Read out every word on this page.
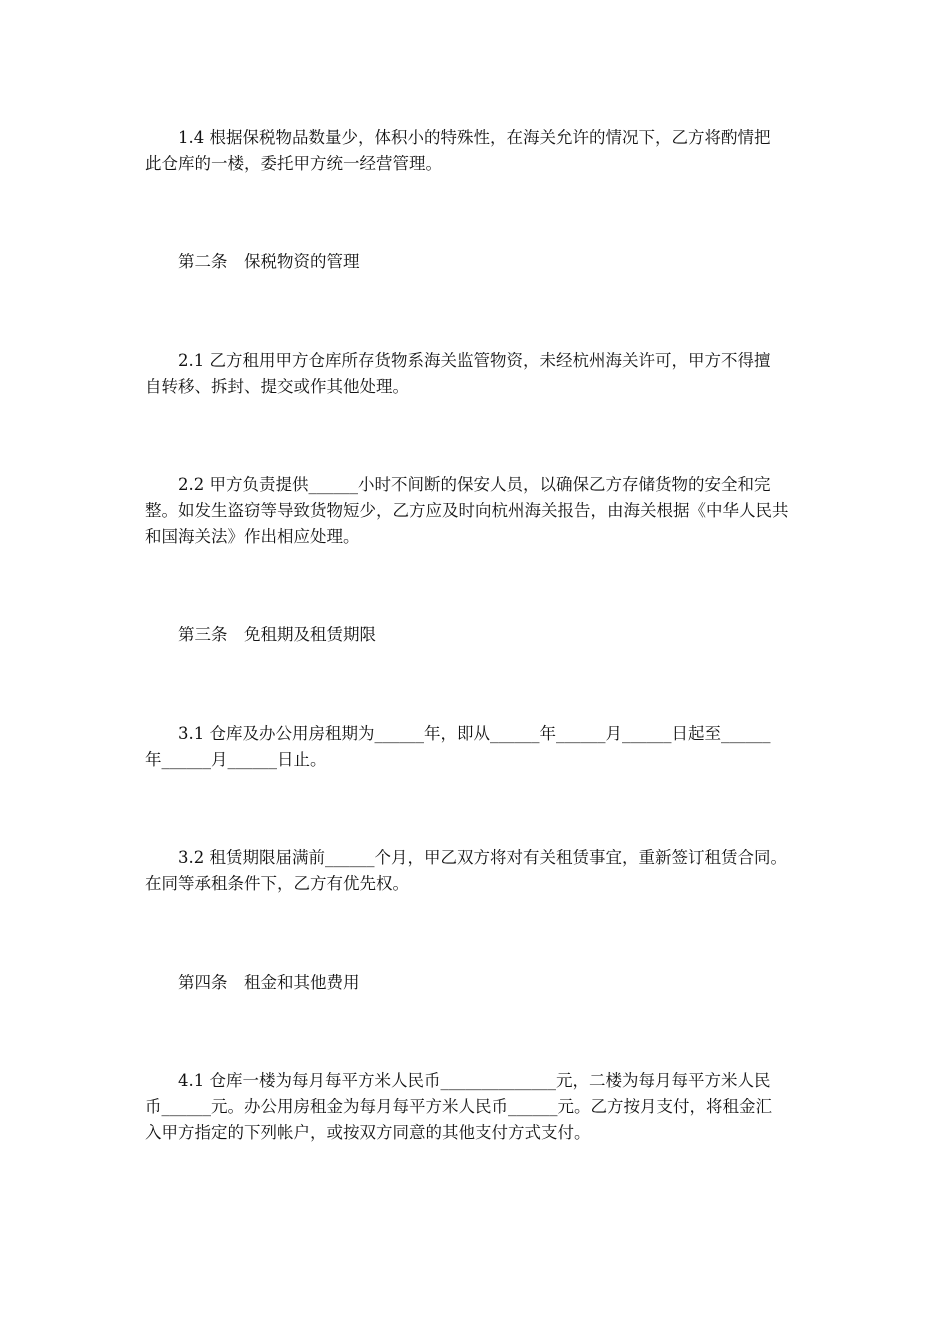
1.4 根据保税物品数量少，体积小的特殊性，在海关允许的情况下，乙方将酌情把
此仓库的一楼，委托甲方统一经营管理。
第二条　保税物资的管理
2.1 乙方租用甲方仓库所存货物系海关监管物资，未经杭州海关许可，甲方不得擅
自转移、拆封、提交或作其他处理。
2.2 甲方负责提供______小时不间断的保安人员，以确保乙方存储货物的安全和完
整。如发生盗窃等导致货物短少，乙方应及时向杭州海关报告，由海关根据《中华人民共
和国海关法》作出相应处理。
第三条　免租期及租赁期限
3.1 仓库及办公用房租期为______年，即从______年______月______日起至______
年______月______日止。
3.2 租赁期限届满前______个月，甲乙双方将对有关租赁事宜，重新签订租赁合同。
在同等承租条件下，乙方有优先权。
第四条　租金和其他费用
4.1 仓库一楼为每月每平方米人民币______________元，二楼为每月每平方米人民
币______元。办公用房租金为每月每平方米人民币______元。乙方按月支付，将租金汇
入甲方指定的下列帐户，或按双方同意的其他支付方式支付。
